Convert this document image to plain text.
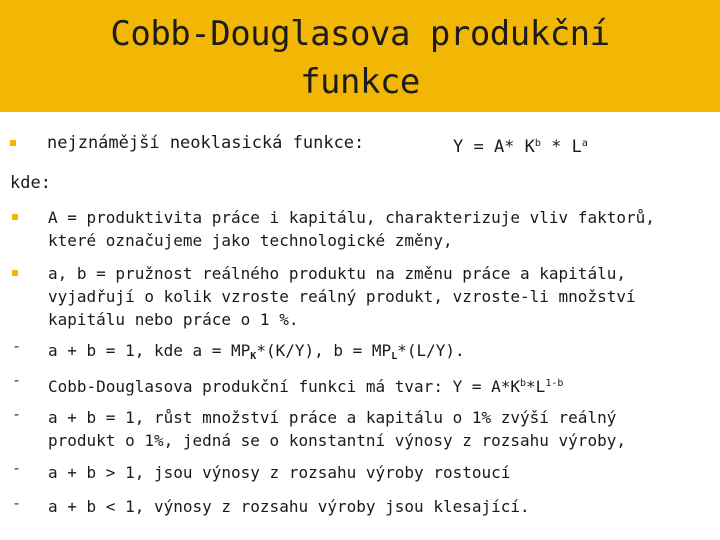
Cobb-Douglasova produkční
funkce
nejznámější neoklasická funkce:	Y = A* $K^b * L^a$
kde:
A = produktivita práce i kapitálu, charakterizuje vliv faktorů,
které označujeme jako technologické změny,
a, b = pružnost reálného produktu na změnu práce a kapitálu,
vyjadřují o kolik vzroste reálný produkt, vzroste-li množství
kapitálu nebo práce o 1 %.
- a + b = 1, kde $a = MP_K*(K/Y)$, $b = MP_L*(L/Y)$.
- Cobb-Douglasova produkční funkci má tvar: $Y = A*K^b*L^{1-b}$
- a + b = 1, růst množství práce a kapitálu o 1% zvýší reálný
produkt o 1%, jedná se o konstantní výnosy z rozsahu výroby,
- a + b > 1, jsou výnosy z rozsahu výroby rostoucí
- a + b < 1, výnosy z rozsahu výroby jsou klesající.
